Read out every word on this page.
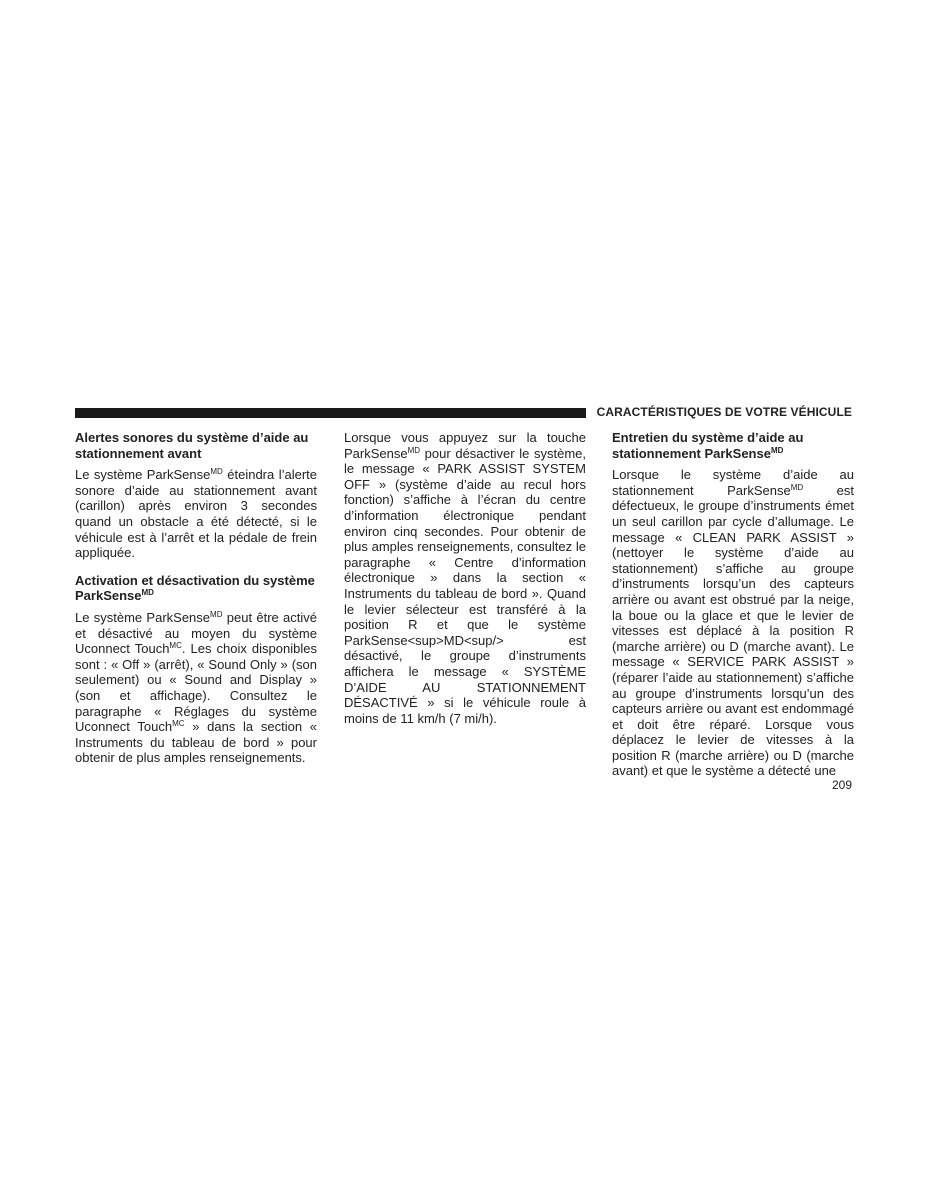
CARACTÉRISTIQUES DE VOTRE VÉHICULE
Alertes sonores du système d’aide au stationnement avant

Le système ParkSense$^{MD}$ éteindra l’alerte sonore d’aide au stationnement avant (carillon) après environ 3 secondes quand un obstacle a été détecté, si le véhicule est à l’arrêt et la pédale de frein appliquée.

Activation et désactivation du système ParkSense$^{MD}$

Le système ParkSense$^{MD}$ peut être activé et désactivé au moyen du système Uconnect Touch$^{MC}$. Les choix disponibles sont : « Off » (arrêt), « Sound Only » (son seulement) ou « Sound and Display » (son et affichage). Consultez le paragraphe « Réglages du système Uconnect Touch$^{MC}$ » dans la section « Instruments du tableau de bord » pour obtenir de plus amples renseignements.

Lorsque vous appuyez sur la touche ParkSense$^{MD}$ pour désactiver le système, le message « PARK ASSIST SYSTEM OFF » (système d’aide au recul hors fonction) s’affiche à l’écran du centre d’information électronique pendant environ cinq secondes. Pour obtenir de plus amples renseignements, consultez le paragraphe « Centre d’information électronique » dans la section « Instruments du tableau de bord ». Quand le levier sélecteur est transféré à la position R et que le système ParkSense<sup>MD<sup/> est désactivé, le groupe d’instruments affichera le message « SYSTÈME D’AIDE AU STATIONNEMENT DÉSACTIVÉ » si le véhicule roule à moins de 11 km/h (7 mi/h).

Entretien du système d’aide au stationnement ParkSense$^{MD}$

Lorsque le système d’aide au stationnement ParkSense$^{MD}$ est défectueux, le groupe d’instruments émet un seul carillon par cycle d’allumage. Le message « CLEAN PARK ASSIST » (nettoyer le système d’aide au stationnement) s’affiche au groupe d’instruments lorsqu’un des capteurs arrière ou avant est obstrué par la neige, la boue ou la glace et que le levier de vitesses est déplacé à la position R (marche arrière) ou D (marche avant). Le message « SERVICE PARK ASSIST » (réparer l’aide au stationnement) s’affiche au groupe d’instruments lorsqu’un des capteurs arrière ou avant est endommagé et doit être réparé. Lorsque vous déplacez le levier de vitesses à la position R (marche arrière) ou D (marche avant) et que le système a détecté une

209
